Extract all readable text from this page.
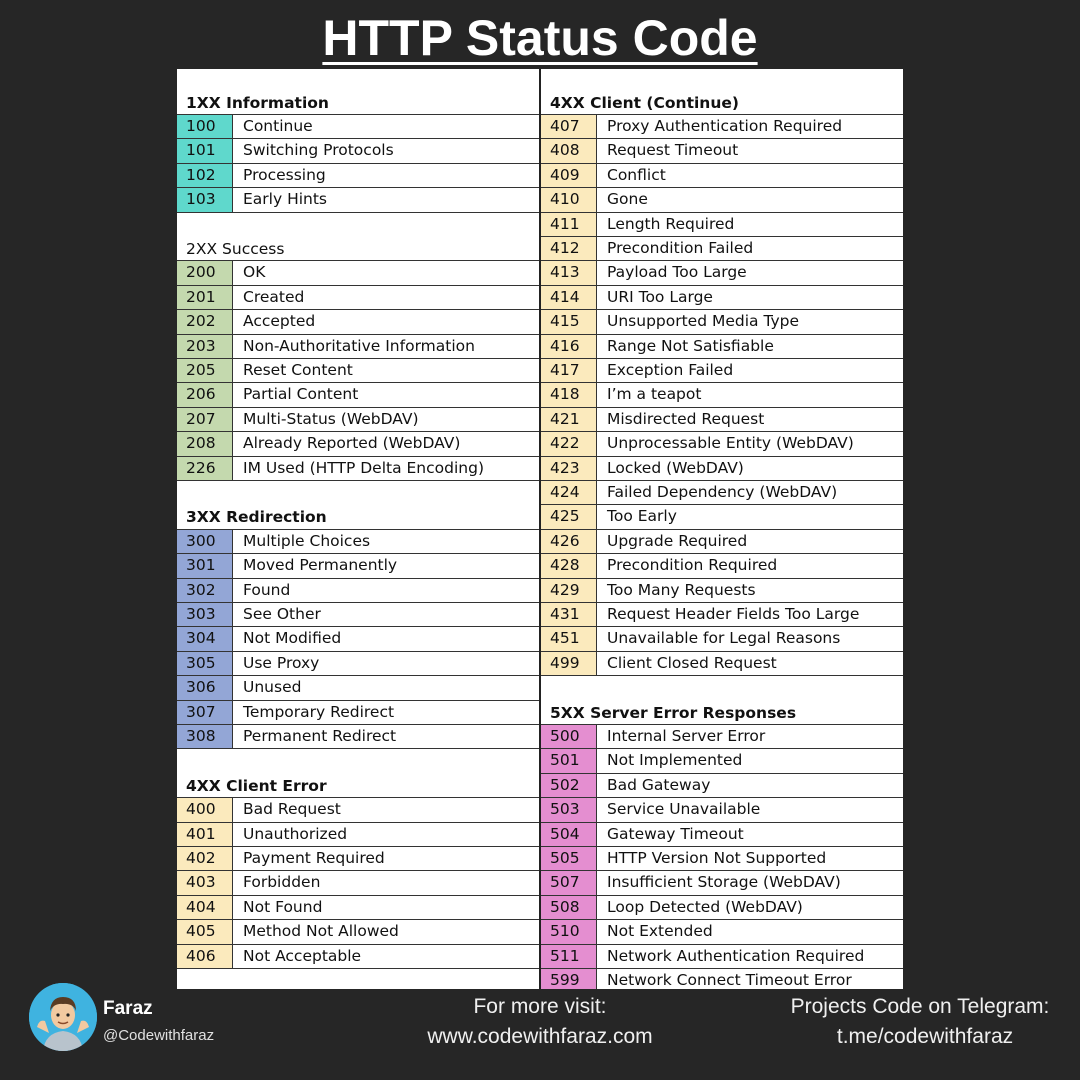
HTTP Status Code
1XX Information
100	Continue
101	Switching Protocols
102	Processing
103	Early Hints
2XX Success
200	OK
201	Created
202	Accepted
203	Non-Authoritative Information
205	Reset Content
206	Partial Content
207	Multi-Status (WebDAV)
208	Already Reported (WebDAV)
226	IM Used (HTTP Delta Encoding)
3XX Redirection
300	Multiple Choices
301	Moved Permanently
302	Found
303	See Other
304	Not Modified
305	Use Proxy
306	Unused
307	Temporary Redirect
308	Permanent Redirect
4XX Client Error
400	Bad Request
401	Unauthorized
402	Payment Required
403	Forbidden
404	Not Found
405	Method Not Allowed
406	Not Acceptable
4XX Client (Continue)
407	Proxy Authentication Required
408	Request Timeout
409	Conflict
410	Gone
411	Length Required
412	Precondition Failed
413	Payload Too Large
414	URI Too Large
415	Unsupported Media Type
416	Range Not Satisfiable
417	Exception Failed
418	I’m a teapot
421	Misdirected Request
422	Unprocessable Entity (WebDAV)
423	Locked (WebDAV)
424	Failed Dependency (WebDAV)
425	Too Early
426	Upgrade Required
428	Precondition Required
429	Too Many Requests
431	Request Header Fields Too Large
451	Unavailable for Legal Reasons
499	Client Closed Request
5XX Server Error Responses
500	Internal Server Error
501	Not Implemented
502	Bad Gateway
503	Service Unavailable
504	Gateway Timeout
505	HTTP Version Not Supported
507	Insufficient Storage (WebDAV)
508	Loop Detected (WebDAV)
510	Not Extended
511	Network Authentication Required
599	Network Connect Timeout Error
Faraz
@Codewithfaraz
For more visit:
www.codewithfaraz.com
Projects Code on Telegram:
t.me/codewithfaraz
